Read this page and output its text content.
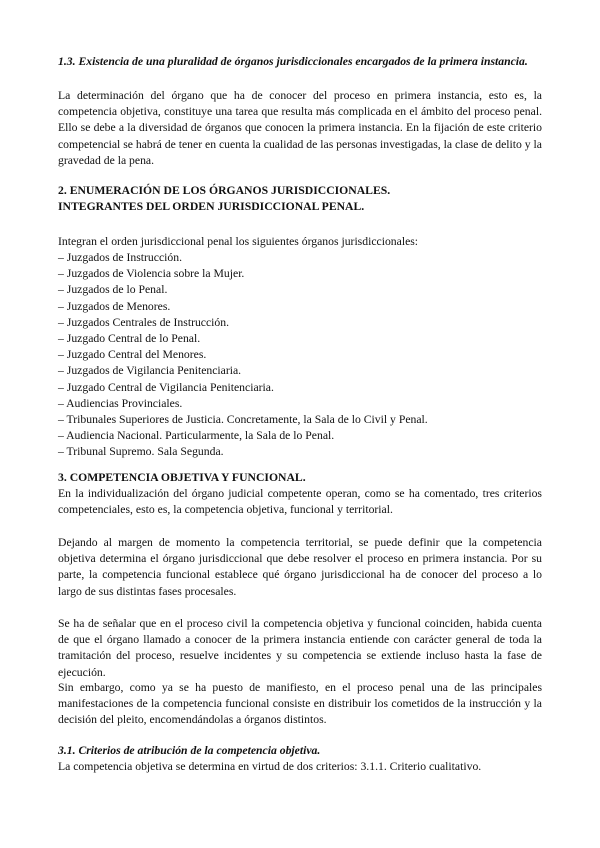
1.3. Existencia de una pluralidad de órganos jurisdiccionales encargados de la primera instancia.

La determinación del órgano que ha de conocer del proceso en primera instancia, esto es, la competencia objetiva, constituye una tarea que resulta más complicada en el ámbito del proceso penal. Ello se debe a la diversidad de órganos que conocen la primera instancia. En la fijación de este criterio competencial se habrá de tener en cuenta la cualidad de las personas investigadas, la clase de delito y la gravedad de la pena.

2. ENUMERACIÓN DE LOS ÓRGANOS JURISDICCIONALES.
INTEGRANTES DEL ORDEN JURISDICCIONAL PENAL.

Integran el orden jurisdiccional penal los siguientes órganos jurisdiccionales:

– Juzgados de Instrucción.
– Juzgados de Violencia sobre la Mujer.
– Juzgados de lo Penal.
– Juzgados de Menores.
– Juzgados Centrales de Instrucción.
– Juzgado Central de lo Penal.
– Juzgado Central del Menores.
– Juzgados de Vigilancia Penitenciaria.
– Juzgado Central de Vigilancia Penitenciaria.
– Audiencias Provinciales.
– Tribunales Superiores de Justicia. Concretamente, la Sala de lo Civil y Penal.
– Audiencia Nacional. Particularmente, la Sala de lo Penal.
– Tribunal Supremo. Sala Segunda.

3. COMPETENCIA OBJETIVA Y FUNCIONAL.

En la individualización del órgano judicial competente operan, como se ha comentado, tres criterios competenciales, esto es, la competencia objetiva, funcional y territorial.

Dejando al margen de momento la competencia territorial, se puede definir que la competencia objetiva determina el órgano jurisdiccional que debe resolver el proceso en primera instancia. Por su parte, la competencia funcional establece qué órgano jurisdiccional ha de conocer del proceso a lo largo de sus distintas fases procesales.

Se ha de señalar que en el proceso civil la competencia objetiva y funcional coinciden, habida cuenta de que el órgano llamado a conocer de la primera instancia entiende con carácter general de toda la tramitación del proceso, resuelve incidentes y su competencia se extiende incluso hasta la fase de ejecución.

Sin embargo, como ya se ha puesto de manifiesto, en el proceso penal una de las principales manifestaciones de la competencia funcional consiste en distribuir los cometidos de la instrucción y la decisión del pleito, encomendándolas a órganos distintos.

3.1. Criterios de atribución de la competencia objetiva.

La competencia objetiva se determina en virtud de dos criterios: 3.1.1. Criterio cualitativo.
